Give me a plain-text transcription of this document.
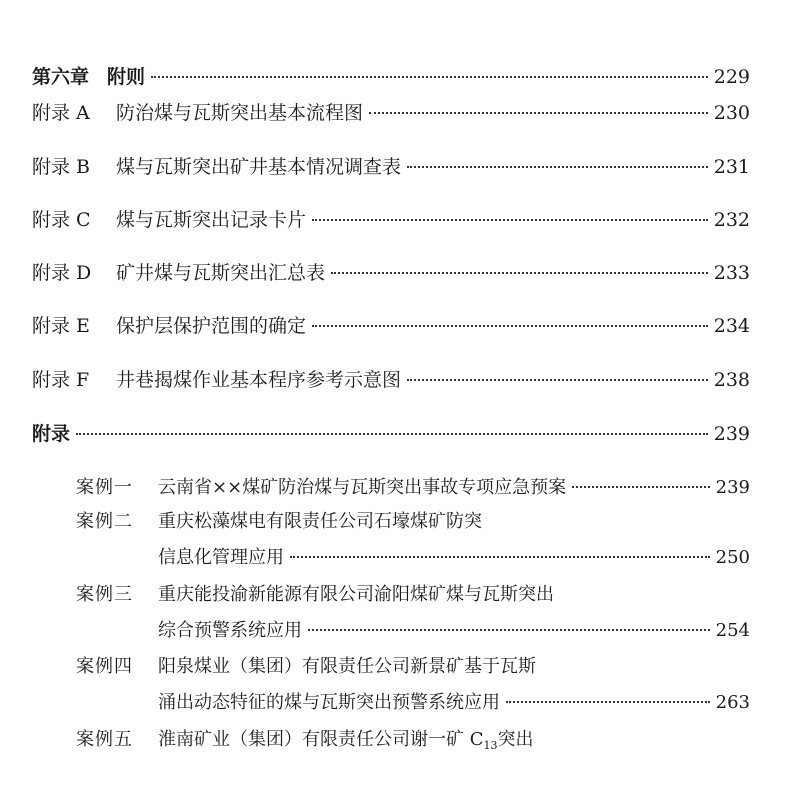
第六章 附则	229
附录 A	防治煤与瓦斯突出基本流程图	230
附录 B	煤与瓦斯突出矿井基本情况调查表	231
附录 C	煤与瓦斯突出记录卡片	232
附录 D	矿井煤与瓦斯突出汇总表	233
附录 E	保护层保护范围的确定	234
附录 F	井巷揭煤作业基本程序参考示意图	238
附录	239
案例一	云南省××煤矿防治煤与瓦斯突出事故专项应急预案	239
案例二	重庆松藻煤电有限责任公司石壕煤矿防突
信息化管理应用	250
案例三	重庆能投渝新能源有限公司渝阳煤矿煤与瓦斯突出
综合预警系统应用	254
案例四	阳泉煤业（集团）有限责任公司新景矿基于瓦斯
涌出动态特征的煤与瓦斯突出预警系统应用	263
案例五	淮南矿业（集团）有限责任公司谢一矿 $C_{13}$突出
